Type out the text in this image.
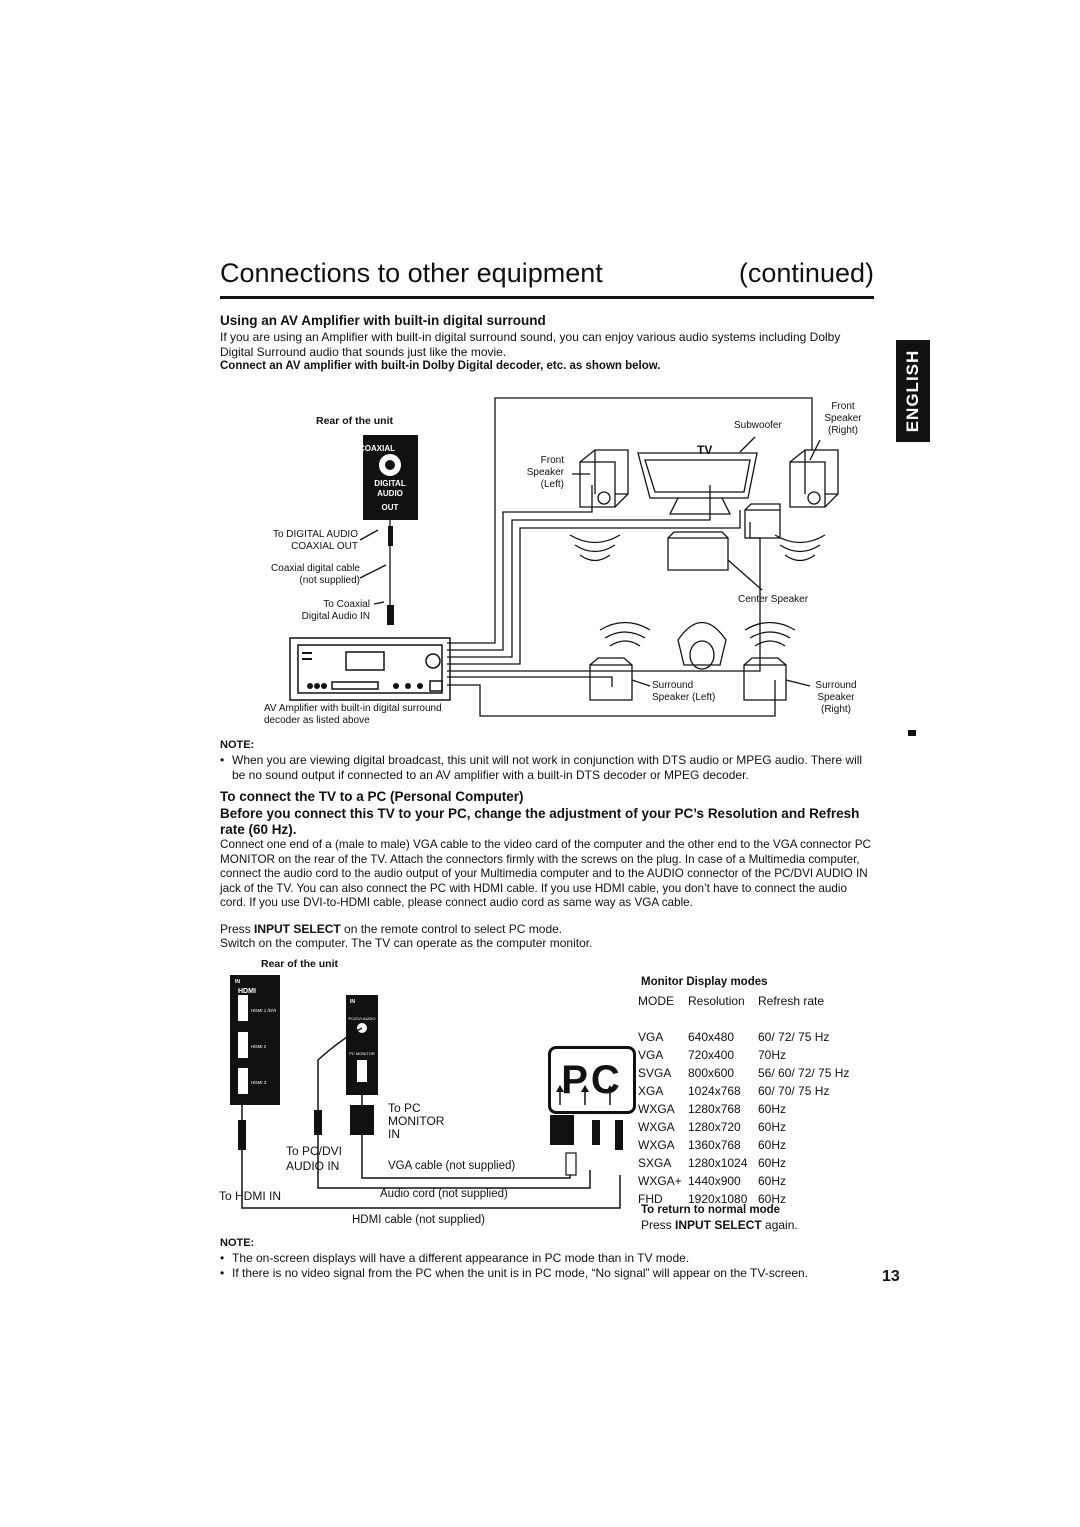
Connections to other equipment	(continued)
ENGLISH
Using an AV Amplifier with built-in digital surround
If you are using an Amplifier with built-in digital surround sound, you can enjoy various audio systems including Dolby Digital Surround audio that sounds just like the movie.
Connect an AV amplifier with built-in Dolby Digital decoder, etc. as shown below.
COAXIAL
DIGITAL
AUDIO
OUT
Rear of the unit
To DIGITAL AUDIO
COAXIAL OUT
Coaxial digital cable
(not supplied)
To Coaxial
Digital Audio IN
AV Amplifier with built-in digital surround
decoder as listed above
Front
Speaker
(Left)
TV
Subwoofer
Front
Speaker
(Right)
Center Speaker
Surround
Speaker (Left)
Surround
Speaker
(Right)
NOTE:
• When you are viewing digital broadcast, this unit will not work in conjunction with DTS audio or MPEG audio. There will be no sound output if connected to an AV amplifier with a built-in DTS decoder or MPEG decoder.
To connect the TV to a PC (Personal Computer)
Before you connect this TV to your PC, change the adjustment of your PC’s Resolution and Refresh rate (60 Hz).
Connect one end of a (male to male) VGA cable to the video card of the computer and the other end to the VGA connector PC MONITOR on the rear of the TV. Attach the connectors firmly with the screws on the plug. In case of a Multimedia computer, connect the audio cord to the audio output of your Multimedia computer and to the AUDIO connector of the PC/DVI AUDIO IN jack of the TV. You can also connect the PC with HDMI cable. If you use HDMI cable, you don’t have to connect the audio cord. If you use DVI-to-HDMI cable, please connect audio cord as same way as VGA cable.
Press INPUT SELECT on the remote control to select PC mode.
Switch on the computer. The TV can operate as the computer monitor.
IN
HDMI
HDMI 1 /DVI
HDMI 2
HDMI 3
IN
PC/DVI AUDIO
PC MONITOR
PC
Rear of the unit
To PC
MONITOR
IN
To PC/DVI
AUDIO IN
To HDMI IN
VGA cable (not supplied)
Audio cord (not supplied)
HDMI cable (not supplied)
Monitor Display modes
MODE	Resolution	Refresh rate

VGA	640x480	60/ 72/ 75 Hz
VGA	720x400	70Hz
SVGA	800x600	56/ 60/ 72/ 75 Hz
XGA	1024x768	60/ 70/ 75 Hz
WXGA	1280x768	60Hz
WXGA	1280x720	60Hz
WXGA	1360x768	60Hz
SXGA	1280x1024	60Hz
WXGA+	1440x900	60Hz
FHD	1920x1080	60Hz
To return to normal mode
Press INPUT SELECT again.
NOTE:
• The on-screen displays will have a different appearance in PC mode than in TV mode.
• If there is no video signal from the PC when the unit is in PC mode, “No signal” will appear on the TV-screen.	13
